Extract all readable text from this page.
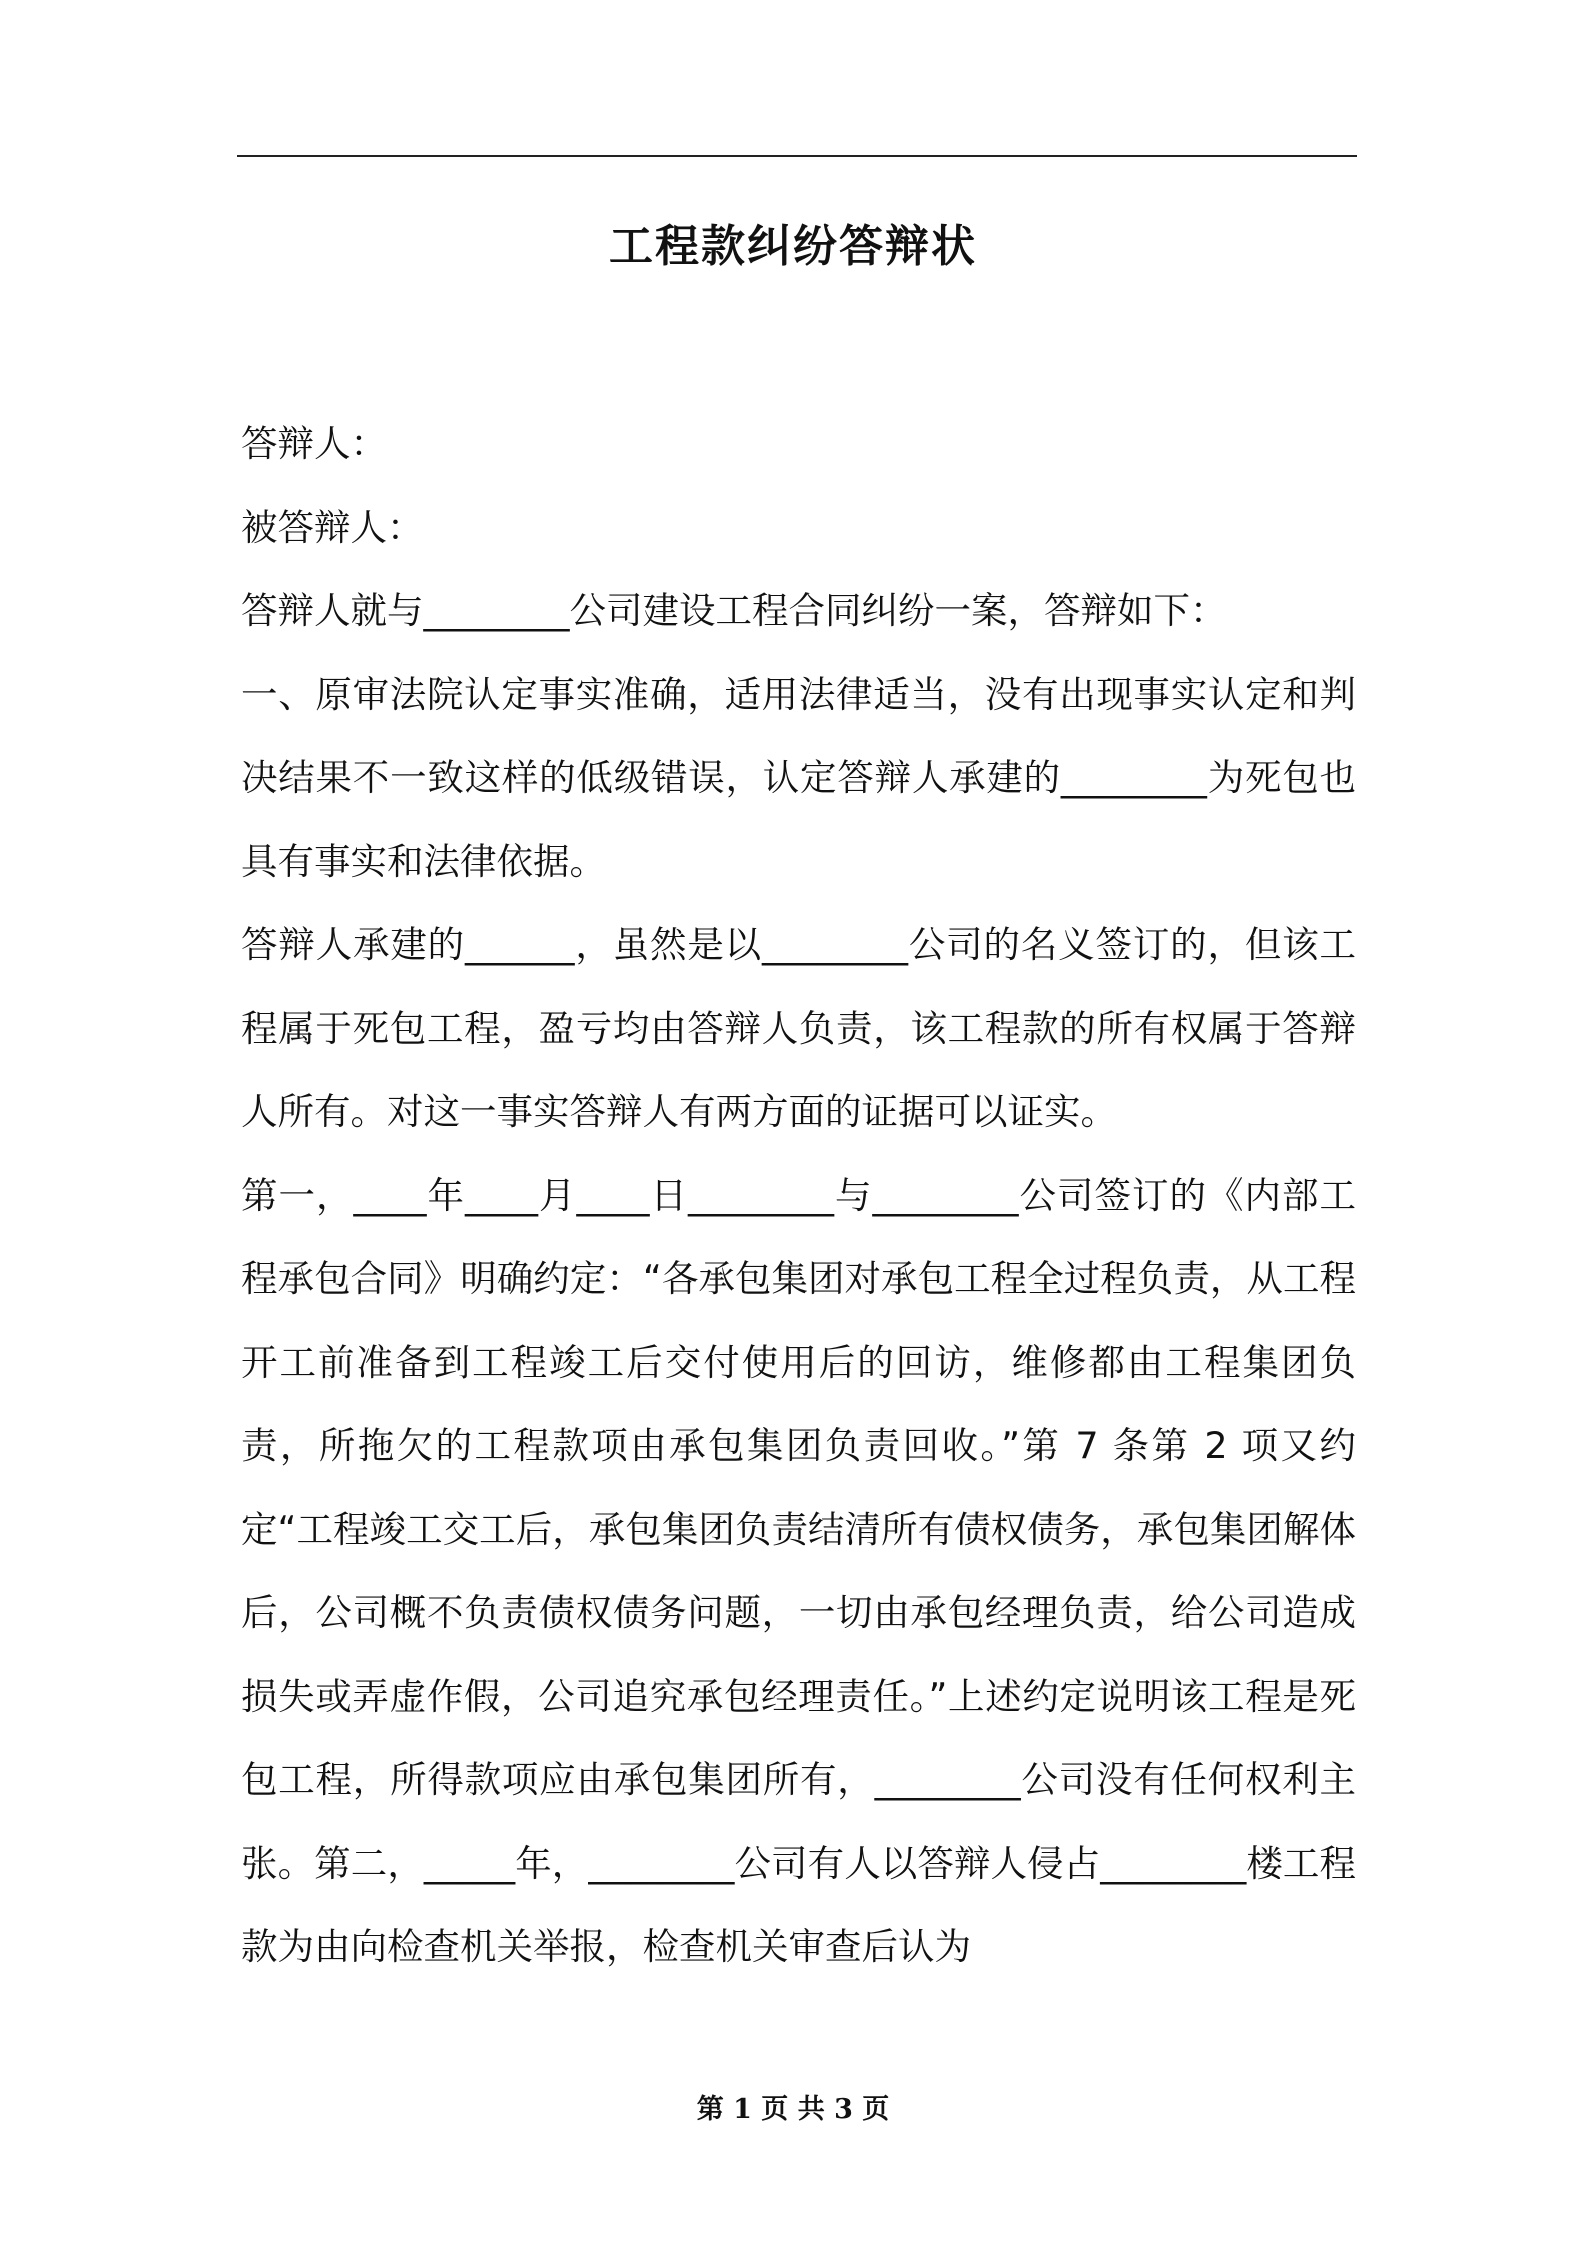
工程款纠纷答辩状

答辩人：

被答辩人：

答辩人就与________公司建设工程合同纠纷一案，答辩如下：

一、原审法院认定事实准确，适用法律适当，没有出现事实认定和判决结果不一致这样的低级错误，认定答辩人承建的________为死包也具有事实和法律依据。

答辩人承建的______，虽然是以________公司的名义签订的，但该工程属于死包工程，盈亏均由答辩人负责，该工程款的所有权属于答辩人所有。对这一事实答辩人有两方面的证据可以证实。

第一，____年____月____日________与________公司签订的《内部工程承包合同》明确约定：“各承包集团对承包工程全过程负责，从工程开工前准备到工程竣工后交付使用后的回访，维修都由工程集团负责，所拖欠的工程款项由承包集团负责回收。”第 7 条第 2 项又约定“工程竣工交工后，承包集团负责结清所有债权债务，承包集团解体后，公司概不负责债权债务问题，一切由承包经理负责，给公司造成损失或弄虚作假，公司追究承包经理责任。”上述约定说明该工程是死包工程，所得款项应由承包集团所有，________公司没有任何权利主张。第二，_____年，________公司有人以答辩人侵占________楼工程款为由向检查机关举报，检查机关审查后认为

第 1 页 共 3 页
